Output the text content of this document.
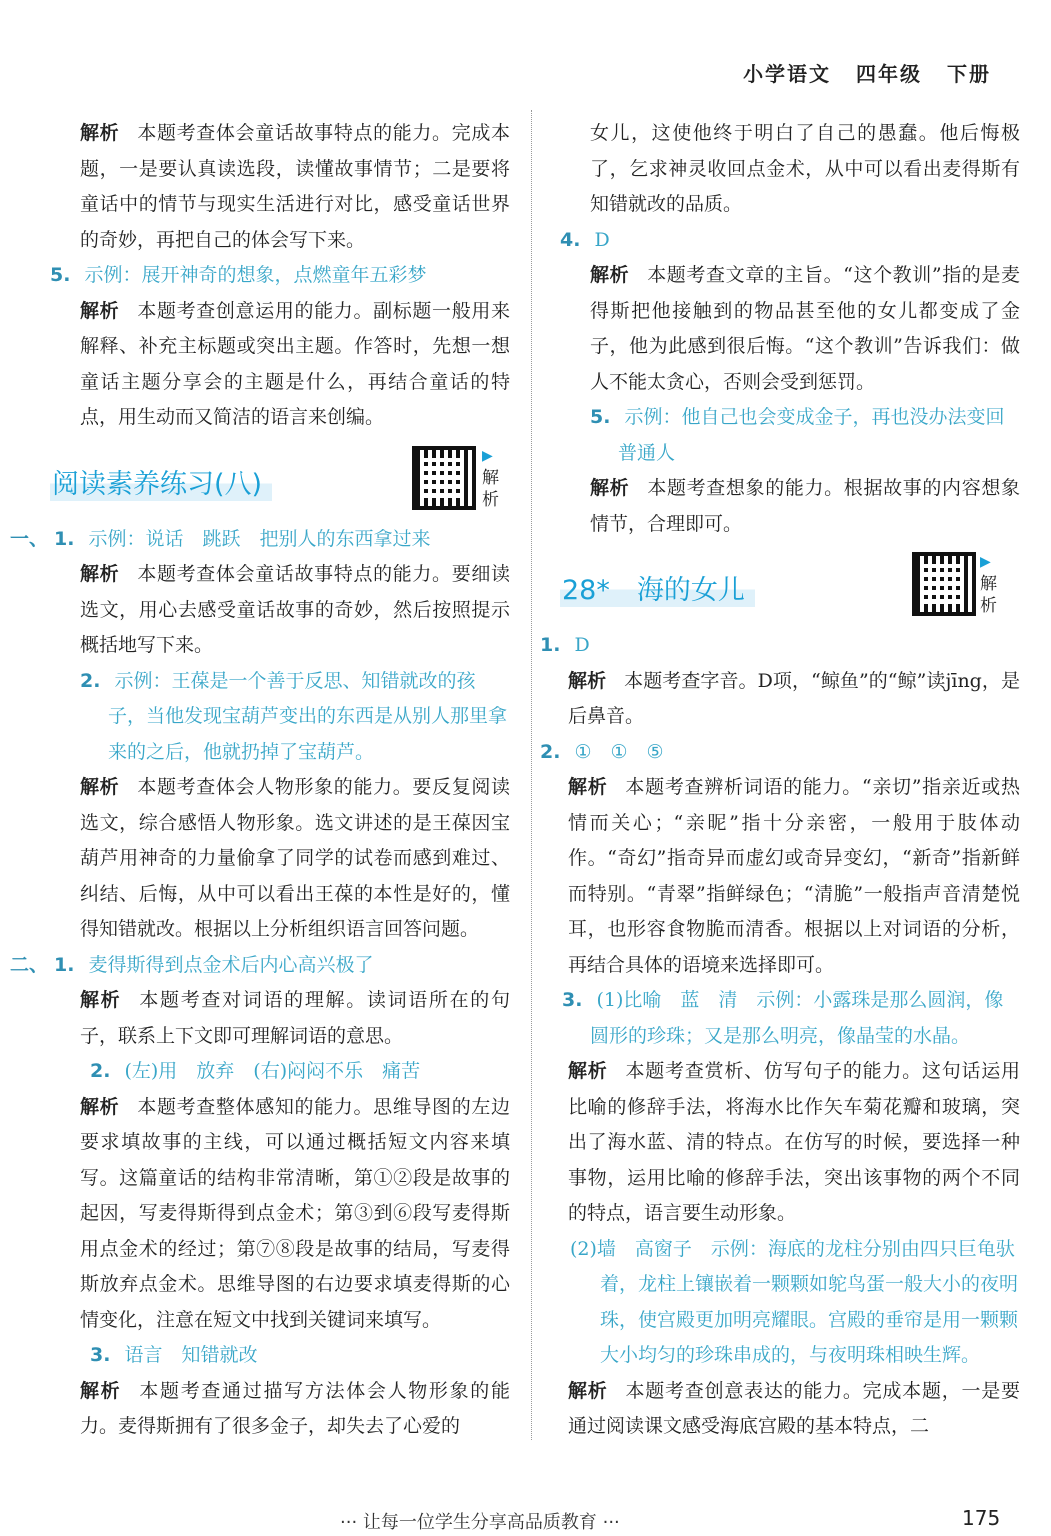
小学语文 四年级 下册

解析 本题考查体会童话故事特点的能力。完成本题，一是要认真读选段，读懂故事情节；二是要将童话中的情节与现实生活进行对比，感受童话世界的奇妙，再把自己的体会写下来。

5. 示例：展开神奇的想象，点燃童年五彩梦

解析 本题考查创意运用的能力。副标题一般用来解释、补充主标题或突出主题。作答时，先想一想童话主题分享会的主题是什么，再结合童话的特点，用生动而又简洁的语言来创编。

阅读素养练习(八)
▶解析

一、 1. 示例：说话　跳跃　把别人的东西拿过来

解析 本题考查体会童话故事特点的能力。要细读选文，用心去感受童话故事的奇妙，然后按照提示概括地写下来。

2. 示例：王葆是一个善于反思、知错就改的孩子，当他发现宝葫芦变出的东西是从别人那里拿来的之后，他就扔掉了宝葫芦。

解析 本题考查体会人物形象的能力。要反复阅读选文，综合感悟人物形象。选文讲述的是王葆因宝葫芦用神奇的力量偷拿了同学的试卷而感到难过、纠结、后悔，从中可以看出王葆的本性是好的，懂得知错就改。根据以上分析组织语言回答问题。

二、 1. 麦得斯得到点金术后内心高兴极了

解析 本题考查对词语的理解。读词语所在的句子，联系上下文即可理解词语的意思。

2. (左)用　放弃　(右)闷闷不乐　痛苦

解析 本题考查整体感知的能力。思维导图的左边要求填故事的主线，可以通过概括短文内容来填写。这篇童话的结构非常清晰，第①②段是故事的起因，写麦得斯得到点金术；第③到⑥段写麦得斯用点金术的经过；第⑦⑧段是故事的结局，写麦得斯放弃点金术。思维导图的右边要求填麦得斯的心情变化，注意在短文中找到关键词来填写。

3. 语言　知错就改

解析 本题考查通过描写方法体会人物形象的能力。麦得斯拥有了很多金子，却失去了心爱的

女儿，这使他终于明白了自己的愚蠢。他后悔极了，乞求神灵收回点金术，从中可以看出麦得斯有知错就改的品质。

4. D

解析 本题考查文章的主旨。“这个教训”指的是麦得斯把他接触到的物品甚至他的女儿都变成了金子，他为此感到很后悔。“这个教训”告诉我们：做人不能太贪心，否则会受到惩罚。

5. 示例：他自己也会变成金子，再也没办法变回普通人

解析 本题考查想象的能力。根据故事的内容想象情节，合理即可。

28*　海的女儿
▶解析

1. D

解析 本题考查字音。D项，“鲸鱼”的“鲸”读jīng，是后鼻音。

2. ①　①　⑤

解析 本题考查辨析词语的能力。“亲切”指亲近或热情而关心；“亲昵”指十分亲密，一般用于肢体动作。“奇幻”指奇异而虚幻或奇异变幻，“新奇”指新鲜而特别。“青翠”指鲜绿色；“清脆”一般指声音清楚悦耳，也形容食物脆而清香。根据以上对词语的分析，再结合具体的语境来选择即可。

3. (1)比喻　蓝　清　示例：小露珠是那么圆润，像圆形的珍珠；又是那么明亮，像晶莹的水晶。

解析 本题考查赏析、仿写句子的能力。这句话运用比喻的修辞手法，将海水比作矢车菊花瓣和玻璃，突出了海水蓝、清的特点。在仿写的时候，要选择一种事物，运用比喻的修辞手法，突出该事物的两个不同的特点，语言要生动形象。

(2)墙　高窗子　示例：海底的龙柱分别由四只巨龟驮着，龙柱上镶嵌着一颗颗如鸵鸟蛋一般大小的夜明珠，使宫殿更加明亮耀眼。宫殿的垂帘是用一颗颗大小均匀的珍珠串成的，与夜明珠相映生辉。

解析 本题考查创意表达的能力。完成本题，一是要通过阅读课文感受海底宫殿的基本特点，二

··· 让每一位学生分享高品质教育 ···	175
